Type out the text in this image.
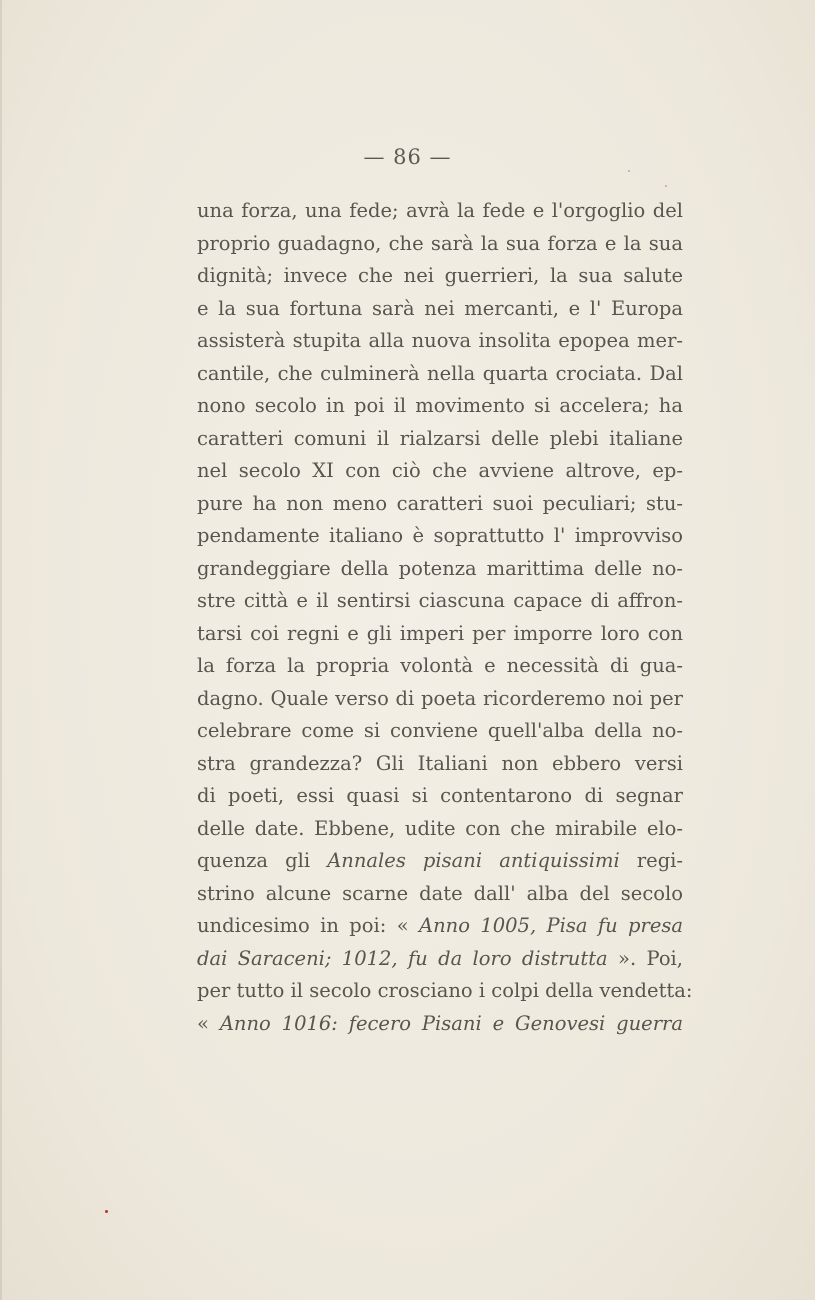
— 86 —
una forza, una fede; avrà la fede e l'orgoglio del
proprio guadagno, che sarà la sua forza e la sua
dignità; invece che nei guerrieri, la sua salute
e la sua fortuna sarà nei mercanti, e l' Europa
assisterà stupita alla nuova insolita epopea mer-
cantile, che culminerà nella quarta crociata. Dal
nono secolo in poi il movimento si accelera; ha
caratteri comuni il rialzarsi delle plebi italiane
nel secolo XI con ciò che avviene altrove, ep-
pure ha non meno caratteri suoi peculiari; stu-
pendamente italiano è soprattutto l' improvviso
grandeggiare della potenza marittima delle no-
stre città e il sentirsi ciascuna capace di affron-
tarsi coi regni e gli imperi per imporre loro con
la forza la propria volontà e necessità di gua-
dagno. Quale verso di poeta ricorderemo noi per
celebrare come si conviene quell'alba della no-
stra grandezza? Gli Italiani non ebbero versi
di poeti, essi quasi si contentarono di segnar
delle date. Ebbene, udite con che mirabile elo-
quenza gli Annales pisani antiquissimi regi-
strino alcune scarne date dall' alba del secolo
undicesimo in poi: « Anno 1005, Pisa fu presa
dai Saraceni; 1012, fu da loro distrutta ». Poi,
per tutto il secolo crosciano i colpi della vendetta:
« Anno 1016: fecero Pisani e Genovesi guerra
